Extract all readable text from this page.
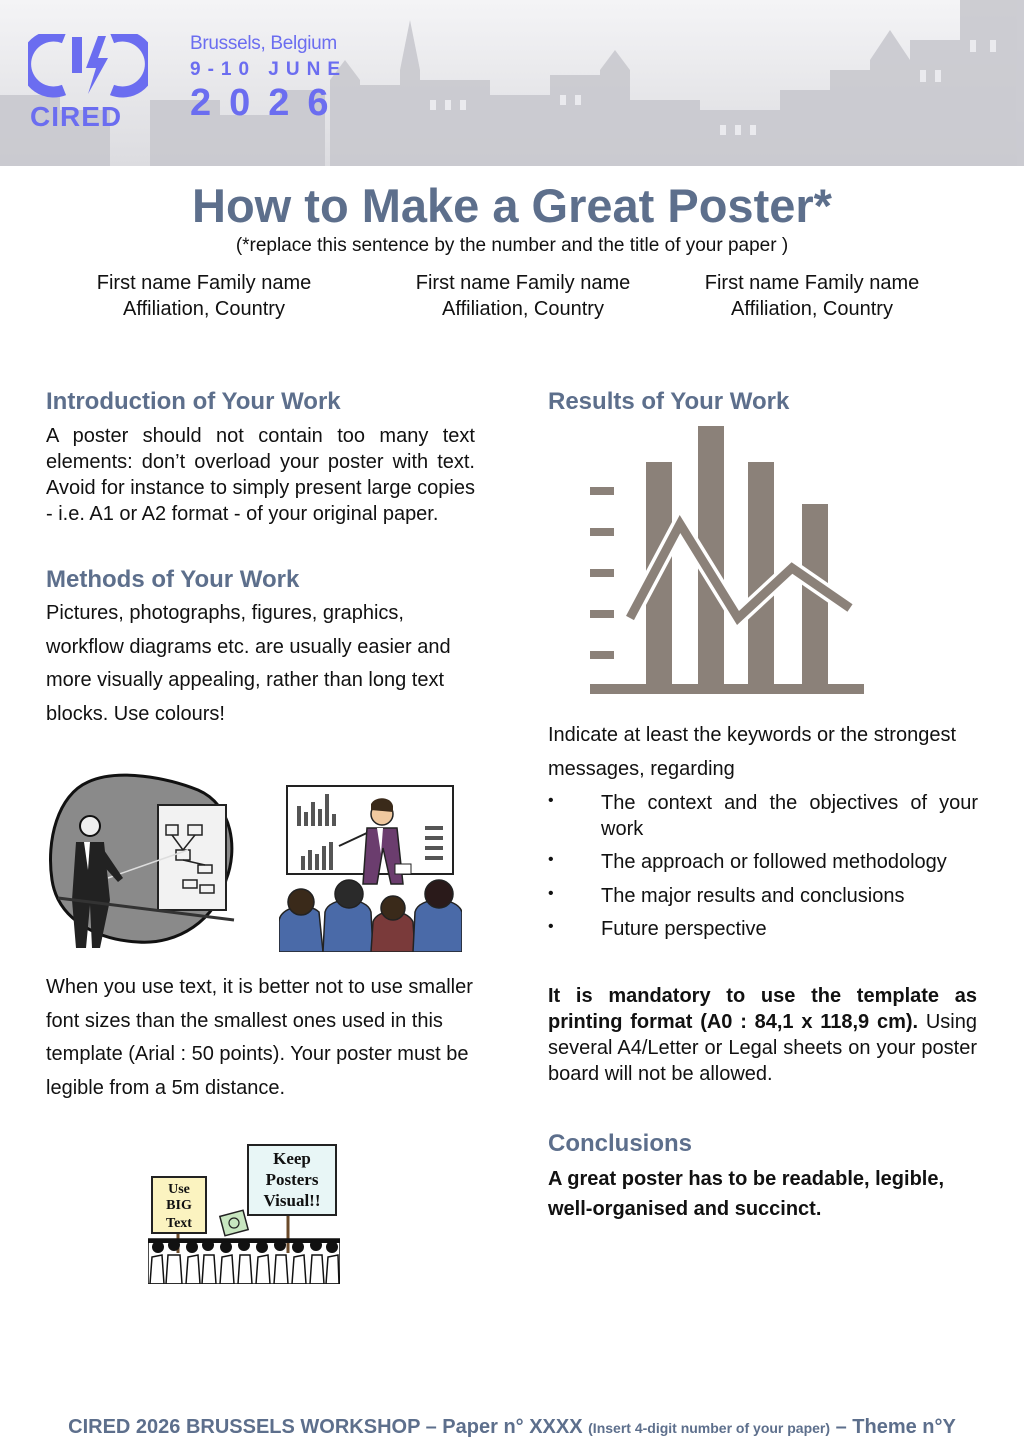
CIRED
Brussels, Belgium
9-10 JUNE
2026
How to Make a Great Poster*
(*replace this sentence by the number and the title of your paper )
First name Family name
Affiliation, Country
First name Family name
Affiliation, Country
First name Family name
Affiliation, Country
Introduction of Your Work

A poster should not contain too many text elements: don’t overload your poster with text. Avoid for instance to simply present large copies - i.e. A1 or A2 format - of your original paper.

Methods of Your Work

Pictures, photographs, figures, graphics, workflow diagrams etc. are usually easier and more visually appealing, rather than long text blocks. Use colours!

When you use text, it is better not to use smaller font sizes than the smallest ones used in this template (Arial : 50 points). Your poster must be legible from a 5m distance.

Use
BIG
Text
Keep
Posters
Visual!!
Results of Your Work

Indicate at least the keywords or the strongest messages, regarding

•	The context and the objectives of your work
•	The approach or followed methodology
•	The major results and conclusions
•	Future perspective
It is mandatory to use the template as printing format (A0 : 84,1 x 118,9 cm). Using several A4/Letter or Legal sheets on your poster board will not be allowed.
Conclusions
A great poster has to be readable, legible, well-organised and succinct.
CIRED 2026 BRUSSELS WORKSHOP – Paper n° XXXX (Insert 4-digit number of your paper) – Theme n°Y
